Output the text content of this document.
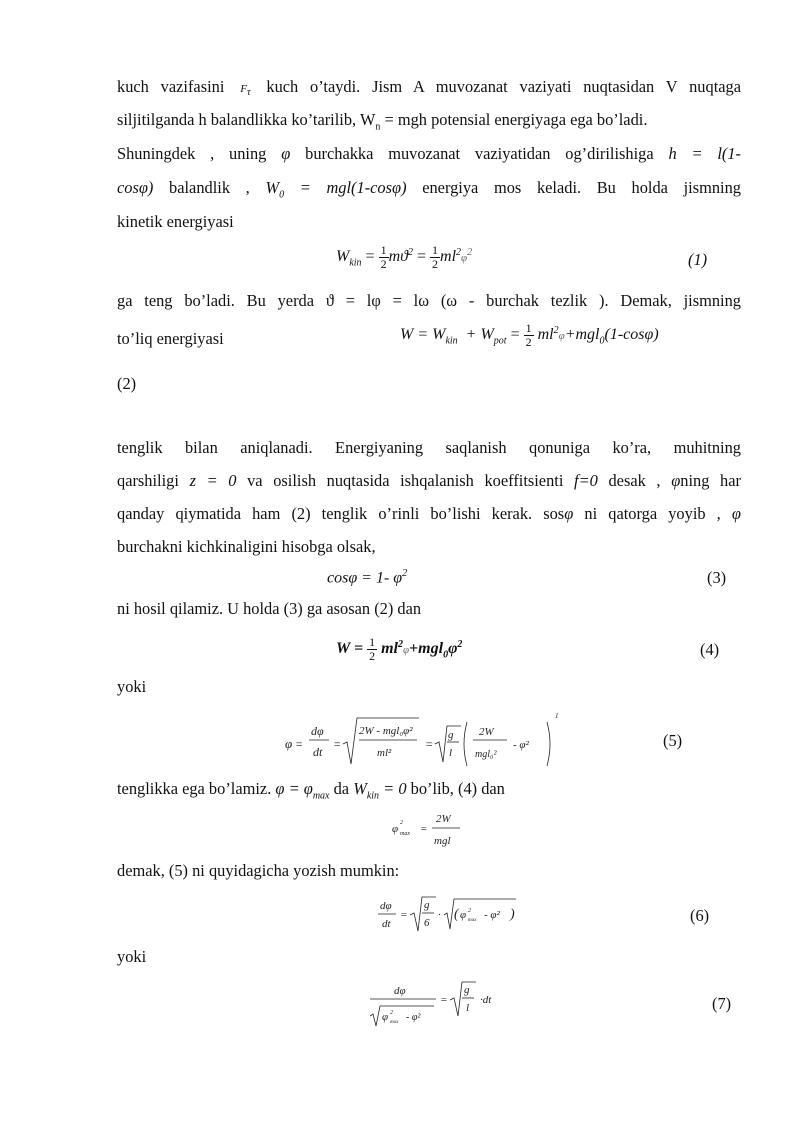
kuch vazifasini $F_\tau$ kuch o’taydi. Jism A muvozanat vaziyati nuqtasidan V nuqtaga
siljitilganda h balandlikka ko’tarilib, $W_n$ = mgh potensial energiyaga ega bo’ladi.
Shuningdek , uning φ burchakka muvozanat vaziyatidan og’dirilishiga h = l(1-
cosφ) balandlik , $W_0 = mgl(1-\cos\varphi)$ energiya mos keladi. Bu holda jismning
kinetik energiyasi
$W_{kin} = \frac{1}{2} mϑ^2 = \frac{1}{2} ml^2\varphi^2$	(1)
ga teng bo’ladi. Bu yerda ϑ = lφ = lω (ω - burchak tezlik ). Demak, jismning
to’liq energiyasi	$W = W_{kin} + W_{pot} = \frac{1}{2} ml^2\varphi+mgl_0(1-\cos\varphi)$
(2)
tenglik bilan aniqlanadi. Energiyaning saqlanish qonuniga ko’ra, muhitning
qarshiligi z = 0 va osilish nuqtasida ishqalanish koeffitsienti f=0 desak , φning har
qanday qiymatida ham (2) tenglik o’rinli bo’lishi kerak. sosφ ni qatorga yoyib , φ
burchakni kichkinaligini hisobga olsak,
cosφ = 1- $\varphi^2$	(3)
ni hosil qilamiz. U holda (3) ga asosan (2) dan
$W = \frac{1}{2} ml^2\varphi+mgl_0\varphi^2$	(4)
yoki
φ =
dφ
dt
=
2W - mgl₀φ²
ml²
=
g
l
2W
mgl₀²
- φ²
1
(5)
tenglikka ega bo’lamiz. $\varphi = \varphi_{max}$ da $W_{kin} = 0$ bo’lib, (4) dan
φ 2
max =
2W
mgl
demak, (5) ni quyidagicha yozish mumkin:
dφ
dt
=
g
6
· ( φ 2
max - φ² )	(6)
yoki
dφ
φ 2
max - φ²
=
g
l
·dt	(7)
